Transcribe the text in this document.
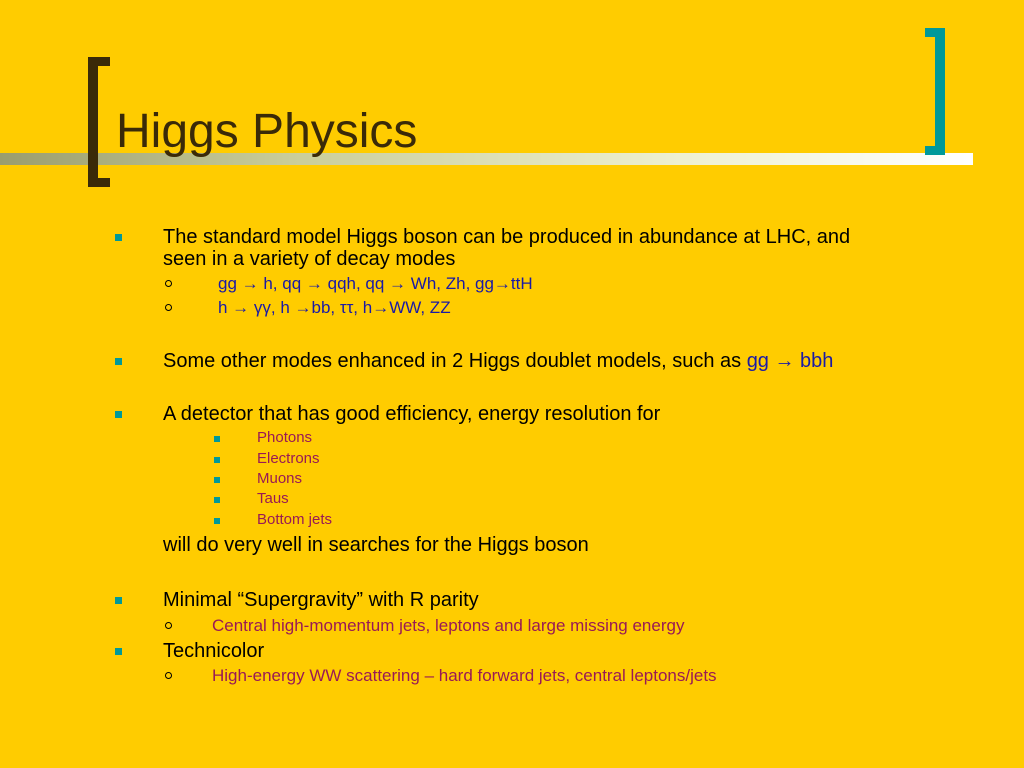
Higgs Physics
The standard model Higgs boson can be produced in abundance at LHC, and
seen in a variety of decay modes
gg → h, qq → qqh, qq → Wh, Zh, gg→ttH
h → γγ, h →bb, ττ, h→WW, ZZ
Some other modes enhanced in 2 Higgs doublet models, such as gg → bbh
A detector that has good efficiency, energy resolution for
Photons
Electrons
Muons
Taus
Bottom jets
will do very well in searches for the Higgs boson
Minimal “Supergravity” with R parity
Central high-momentum jets, leptons and large missing energy
Technicolor
High-energy WW scattering – hard forward jets, central leptons/jets
